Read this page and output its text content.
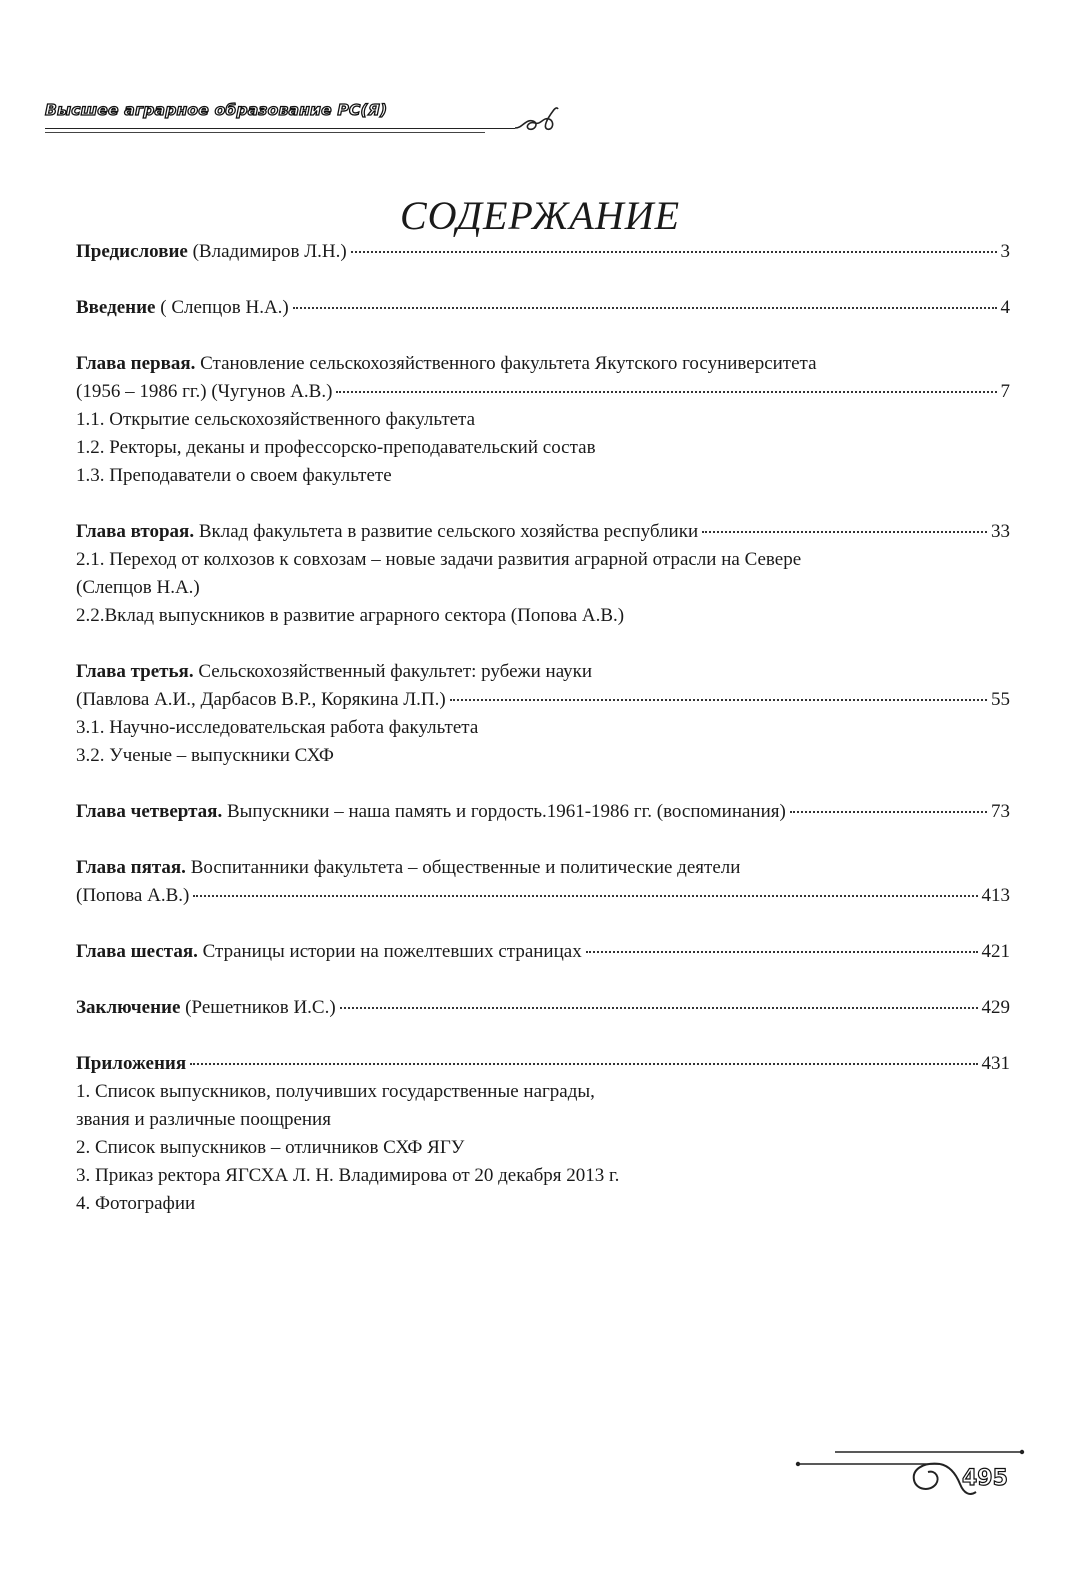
Высшее аграрное образование РС(Я)
СОДЕРЖАНИЕ
Предисловие (Владимиров Л.Н.)	3
Введение ( Слепцов Н.А.)	4
Глава первая. Становление сельскохозяйственного факультета Якутского госуниверситета
(1956 – 1986 гг.) (Чугунов А.В.)	7
1.1. Открытие сельскохозяйственного факультета
1.2. Ректоры, деканы и профессорско-преподавательский состав
1.3. Преподаватели о своем факультете
Глава вторая. Вклад факультета в развитие сельского хозяйства республики	33
2.1. Переход от колхозов к совхозам – новые задачи развития аграрной отрасли на Севере
(Слепцов Н.А.)
2.2.Вклад выпускников в развитие аграрного сектора (Попова А.В.)
Глава третья. Сельскохозяйственный факультет: рубежи науки
(Павлова А.И., Дарбасов В.Р., Корякина Л.П.)	55
3.1. Научно-исследовательская работа факультета
3.2. Ученые – выпускники СХФ
Глава четвертая. Выпускники – наша память и гордость.1961-1986 гг. (воспоминания)	73
Глава пятая. Воспитанники факультета – общественные и политические деятели
(Попова А.В.)	413
Глава шестая. Страницы истории на пожелтевших страницах	421
Заключение (Решетников И.С.)	429
Приложения	431
1. Список выпускников, получивших государственные награды,
звания и различные поощрения
2. Список выпускников – отличников СХФ ЯГУ
3. Приказ ректора ЯГСХА Л. Н. Владимирова от 20 декабря 2013 г.
4. Фотографии
495
